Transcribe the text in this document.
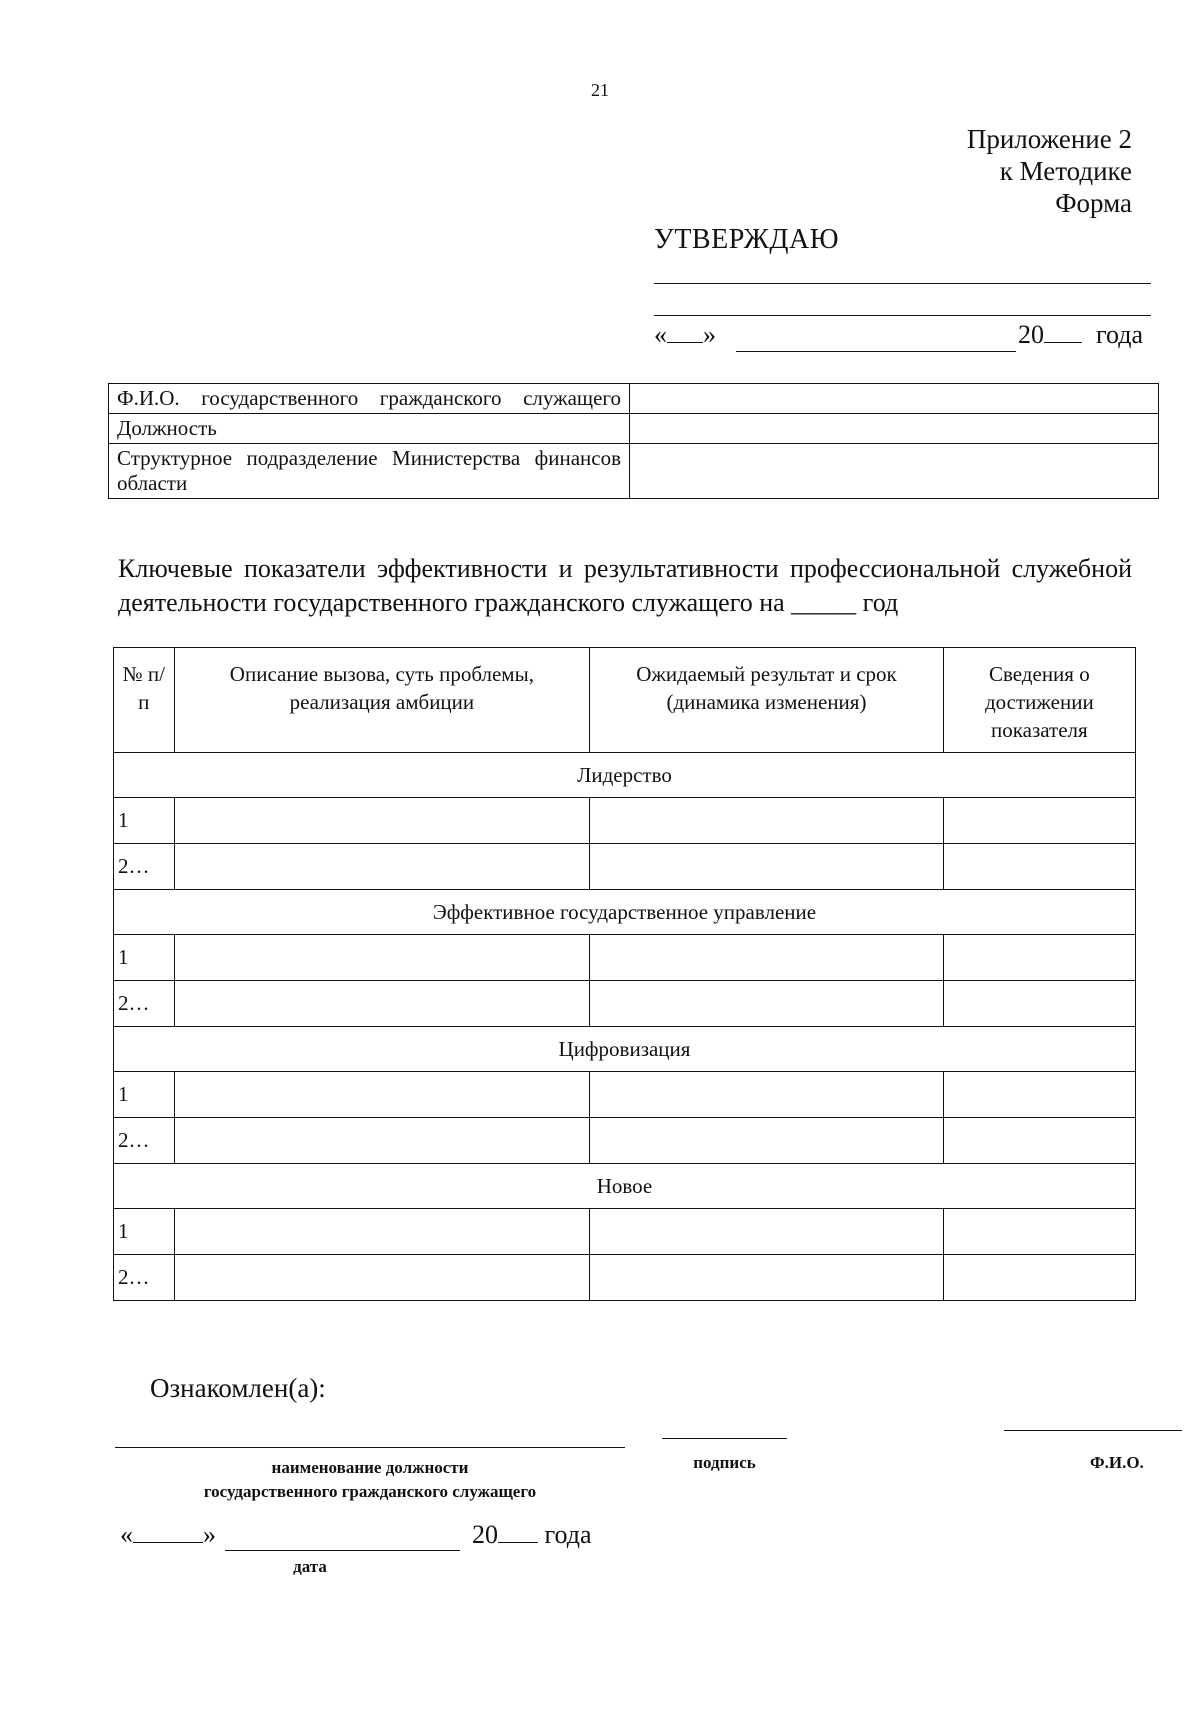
21
Приложение 2
к Методике
Форма
УТВЕРЖДАЮ
« »	20	года
Ф.И.О. государственного гражданского служащего	
Должность	
Структурное подразделение Министерства финансов области	
Ключевые показатели эффективности и результативности профессиональной служебной деятельности государственного гражданского служащего на _____ год
№ п/п	Описание вызова, суть проблемы, реализация амбиции	Ожидаемый результат и срок (динамика изменения)	Сведения о достижении показателя
Лидерство			
1			
2…			
Эффективное государственное управление			
1			
2…			
Цифровизация			
1			
2…			
Новое			
1			
2…			
Ознакомлен(а):
наименование должности
государственного гражданского служащего
подпись	Ф.И.О.
«	»	20 года
дата
